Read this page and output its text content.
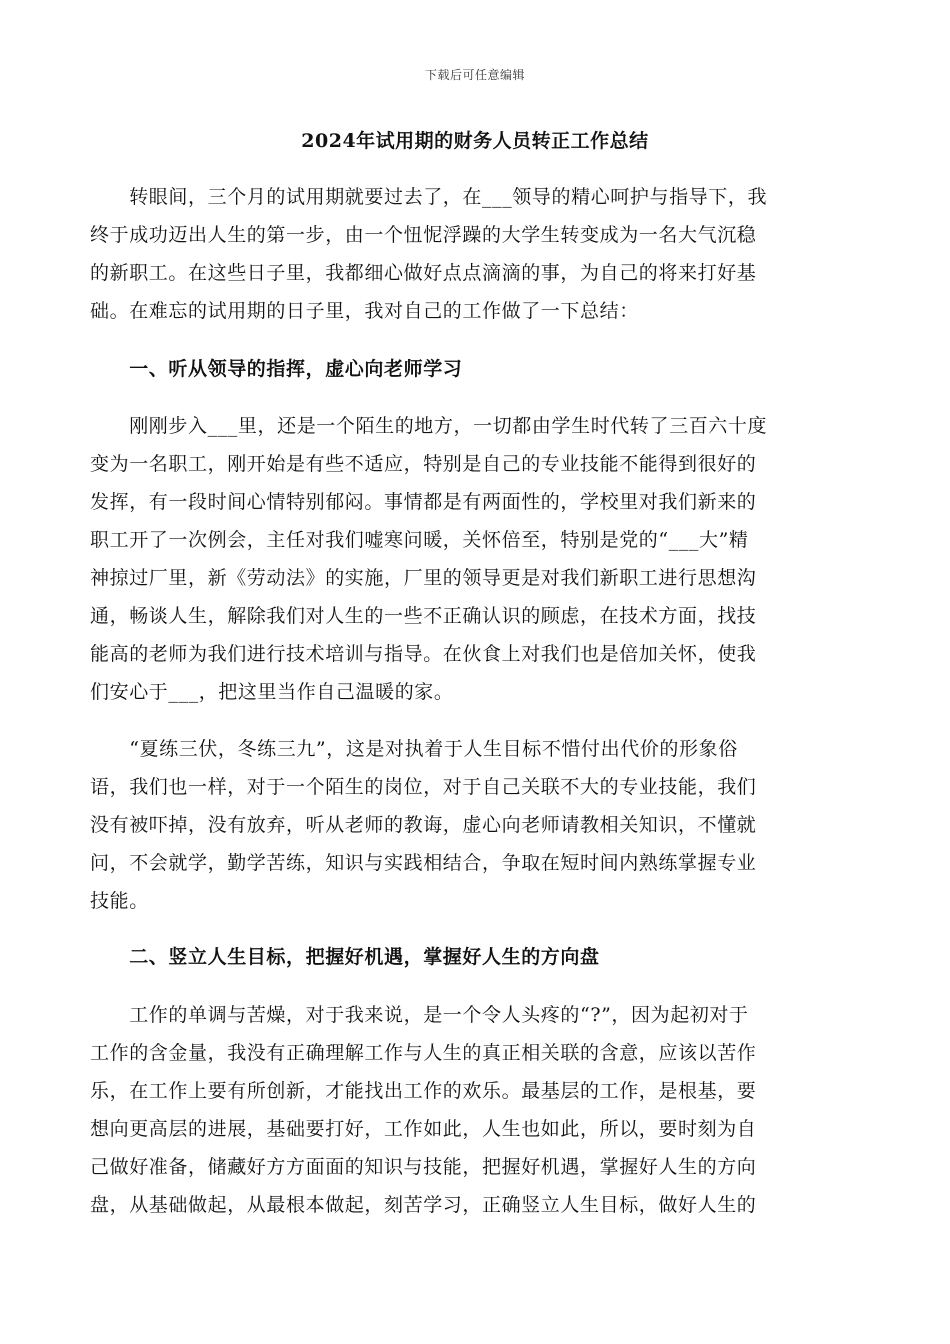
下载后可任意编辑
2024年试用期的财务人员转正工作总结
　　转眼间，三个月的试用期就要过去了，在___领导的精心呵护与指导下，我
终于成功迈出人生的第一步，由一个忸怩浮躁的大学生转变成为一名大气沉稳
的新职工。在这些日子里，我都细心做好点点滴滴的事，为自己的将来打好基
础。在难忘的试用期的日子里，我对自己的工作做了一下总结：
　　一、听从领导的指挥，虚心向老师学习
　　刚刚步入___里，还是一个陌生的地方，一切都由学生时代转了三百六十度
变为一名职工，刚开始是有些不适应，特别是自己的专业技能不能得到很好的
发挥，有一段时间心情特别郁闷。事情都是有两面性的，学校里对我们新来的
职工开了一次例会，主任对我们嘘寒问暖，关怀倍至，特别是党的“___大”精
神掠过厂里，新《劳动法》的实施，厂里的领导更是对我们新职工进行思想沟
通，畅谈人生，解除我们对人生的一些不正确认识的顾虑，在技术方面，找技
能高的老师为我们进行技术培训与指导。在伙食上对我们也是倍加关怀，使我
们安心于___，把这里当作自己温暖的家。
　　“夏练三伏，冬练三九”，这是对执着于人生目标不惜付出代价的形象俗
语，我们也一样，对于一个陌生的岗位，对于自己关联不大的专业技能，我们
没有被吓掉，没有放弃，听从老师的教诲，虚心向老师请教相关知识，不懂就
问，不会就学，勤学苦练，知识与实践相结合，争取在短时间内熟练掌握专业
技能。
　　二、竖立人生目标，把握好机遇，掌握好人生的方向盘
　　工作的单调与苦燥，对于我来说，是一个令人头疼的“?”，因为起初对于
工作的含金量，我没有正确理解工作与人生的真正相关联的含意，应该以苦作
乐，在工作上要有所创新，才能找出工作的欢乐。最基层的工作，是根基，要
想向更高层的进展，基础要打好，工作如此，人生也如此，所以，要时刻为自
己做好准备，储藏好方方面面的知识与技能，把握好机遇，掌握好人生的方向
盘，从基础做起，从最根本做起，刻苦学习，正确竖立人生目标，做好人生的
